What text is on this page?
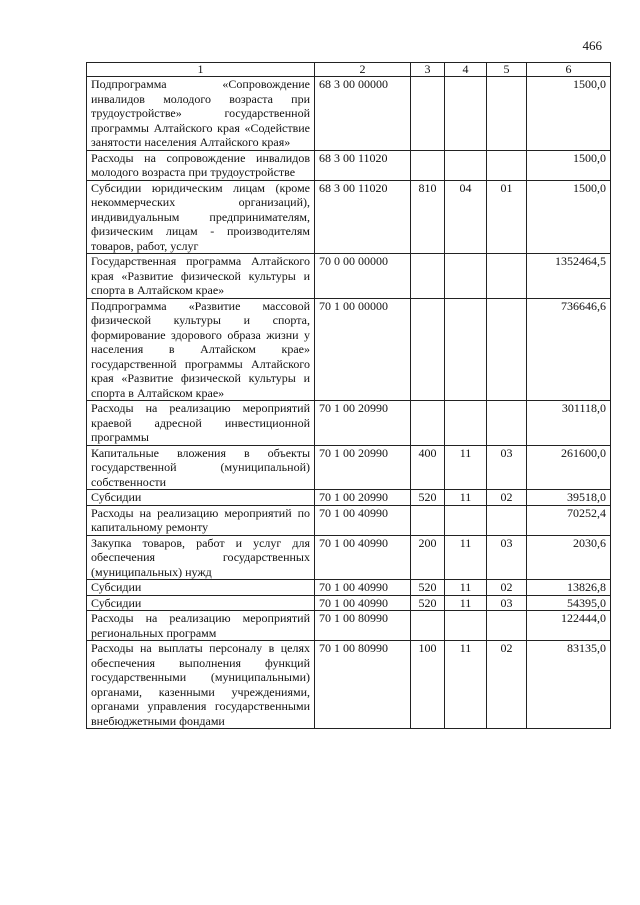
466
1	2	3	4	5	6
Подпрограмма «Сопровождение инвалидов молодого возраста при трудоустройстве» государственной программы Алтайского края «Содействие занятости населения Алтайского края»	68 3 00 00000				1500,0
Расходы на сопровождение инвалидов молодого возраста при трудоустройстве	68 3 00 11020				1500,0
Субсидии юридическим лицам (кроме некоммерческих организаций), индивидуальным предпринимателям, физическим лицам - производителям товаров, работ, услуг	68 3 00 11020	810	04	01	1500,0
Государственная программа Алтайского края «Развитие физической культуры и спорта в Алтайском крае»	70 0 00 00000				1352464,5
Подпрограмма «Развитие массовой физической культуры и спорта, формирование здорового образа жизни у населения в Алтайском крае» государственной программы Алтайского края «Развитие физической культуры и спорта в Алтайском крае»	70 1 00 00000				736646,6
Расходы на реализацию мероприятий краевой адресной инвестиционной программы	70 1 00 20990				301118,0
Капитальные вложения в объекты государственной (муниципальной) собственности	70 1 00 20990	400	11	03	261600,0
Субсидии	70 1 00 20990	520	11	02	39518,0
Расходы на реализацию мероприятий по капитальному ремонту	70 1 00 40990				70252,4
Закупка товаров, работ и услуг для обеспечения государственных (муниципальных) нужд	70 1 00 40990	200	11	03	2030,6
Субсидии	70 1 00 40990	520	11	02	13826,8
Субсидии	70 1 00 40990	520	11	03	54395,0
Расходы на реализацию мероприятий региональных программ	70 1 00 80990				122444,0
Расходы на выплаты персоналу в целях обеспечения выполнения функций государственными (муниципальными) органами, казенными учреждениями, органами управления государственными внебюджетными фондами	70 1 00 80990	100	11	02	83135,0
